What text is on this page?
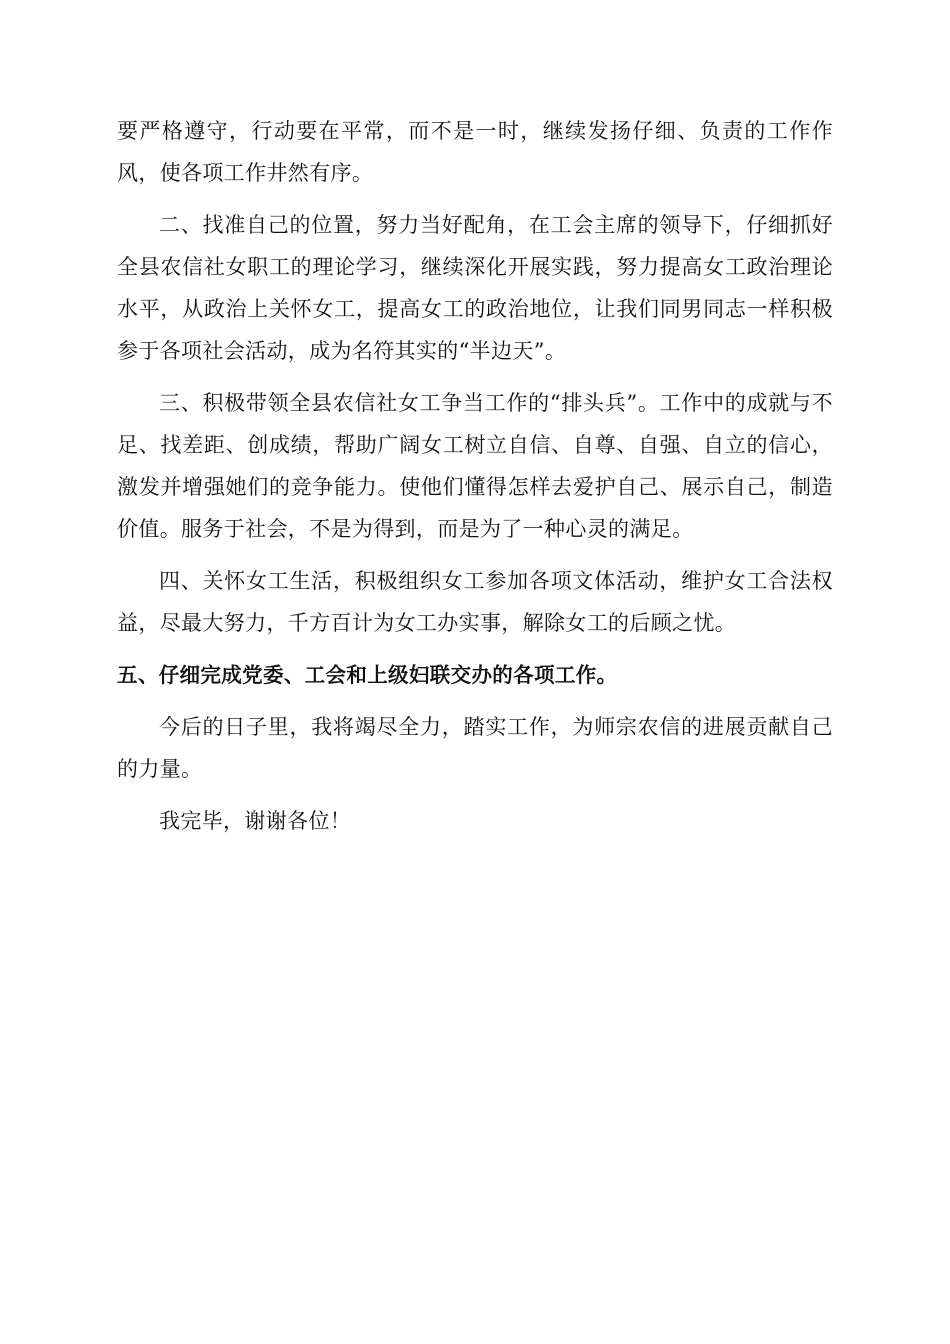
要严格遵守，行动要在平常，而不是一时，继续发扬仔细、负责的工作作风，使各项工作井然有序。

二、找准自己的位置，努力当好配角，在工会主席的领导下，仔细抓好全县农信社女职工的理论学习，继续深化开展实践，努力提高女工政治理论水平，从政治上关怀女工，提高女工的政治地位，让我们同男同志一样积极参于各项社会活动，成为名符其实的“半边天”。

三、积极带领全县农信社女工争当工作的“排头兵”。工作中的成就与不足、找差距、创成绩，帮助广阔女工树立自信、自尊、自强、自立的信心，激发并增强她们的竞争能力。使他们懂得怎样去爱护自己、展示自己，制造价值。服务于社会，不是为得到，而是为了一种心灵的满足。

四、关怀女工生活，积极组织女工参加各项文体活动，维护女工合法权益，尽最大努力，千方百计为女工办实事，解除女工的后顾之忧。

五、仔细完成党委、工会和上级妇联交办的各项工作。

今后的日子里，我将竭尽全力，踏实工作，为师宗农信的进展贡献自己的力量。

我完毕，谢谢各位！
